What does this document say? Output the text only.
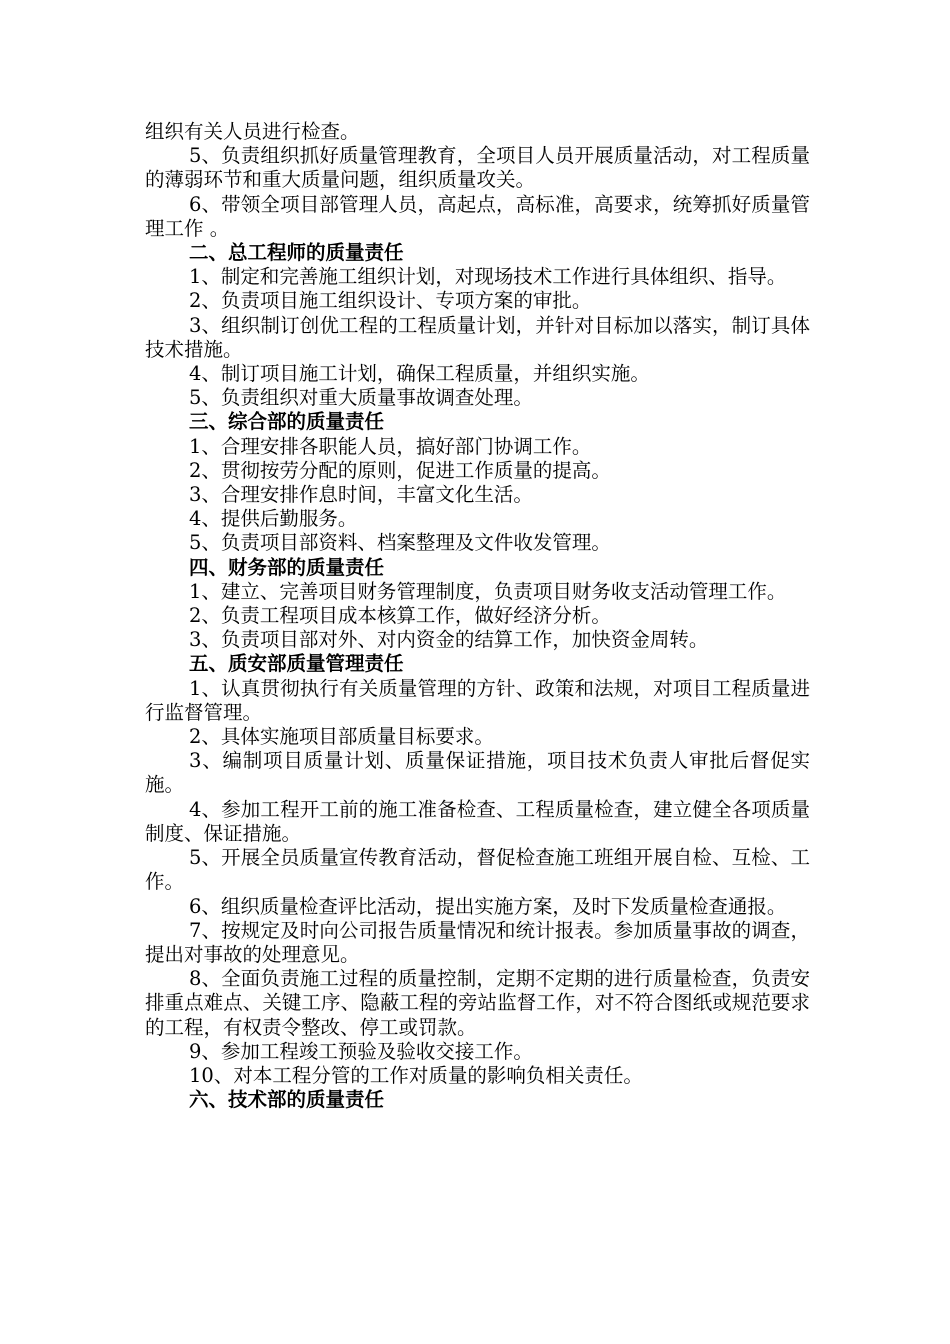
组织有关人员进行检查。

5、负责组织抓好质量管理教育，全项目人员开展质量活动，对工程质量的薄弱环节和重大质量问题，组织质量攻关。

6、带领全项目部管理人员，高起点，高标准，高要求，统筹抓好质量管理工作 。

二、总工程师的质量责任

1、制定和完善施工组织计划，对现场技术工作进行具体组织、指导。

2、负责项目施工组织设计、专项方案的审批。

3、组织制订创优工程的工程质量计划，并针对目标加以落实，制订具体技术措施。

4、制订项目施工计划，确保工程质量，并组织实施。

5、负责组织对重大质量事故调查处理。

三、综合部的质量责任

1、合理安排各职能人员，搞好部门协调工作。

2、贯彻按劳分配的原则，促进工作质量的提高。

3、合理安排作息时间，丰富文化生活。

4、提供后勤服务。

5、负责项目部资料、档案整理及文件收发管理。

四、财务部的质量责任

1、建立、完善项目财务管理制度，负责项目财务收支活动管理工作。

2、负责工程项目成本核算工作，做好经济分析。

3、负责项目部对外、对内资金的结算工作，加快资金周转。

五、质安部质量管理责任

1、认真贯彻执行有关质量管理的方针、政策和法规，对项目工程质量进行监督管理。

2、具体实施项目部质量目标要求。

3、编制项目质量计划、质量保证措施，项目技术负责人审批后督促实施。

4、参加工程开工前的施工准备检查、工程质量检查，建立健全各项质量制度、保证措施。

5、开展全员质量宣传教育活动，督促检查施工班组开展自检、互检、工作。

6、组织质量检查评比活动，提出实施方案，及时下发质量检查通报。

7、按规定及时向公司报告质量情况和统计报表。参加质量事故的调查，提出对事故的处理意见。

8、全面负责施工过程的质量控制，定期不定期的进行质量检查，负责安排重点难点、关键工序、隐蔽工程的旁站监督工作，对不符合图纸或规范要求的工程，有权责令整改、停工或罚款。

9、参加工程竣工预验及验收交接工作。

10、对本工程分管的工作对质量的影响负相关责任。

六、技术部的质量责任
